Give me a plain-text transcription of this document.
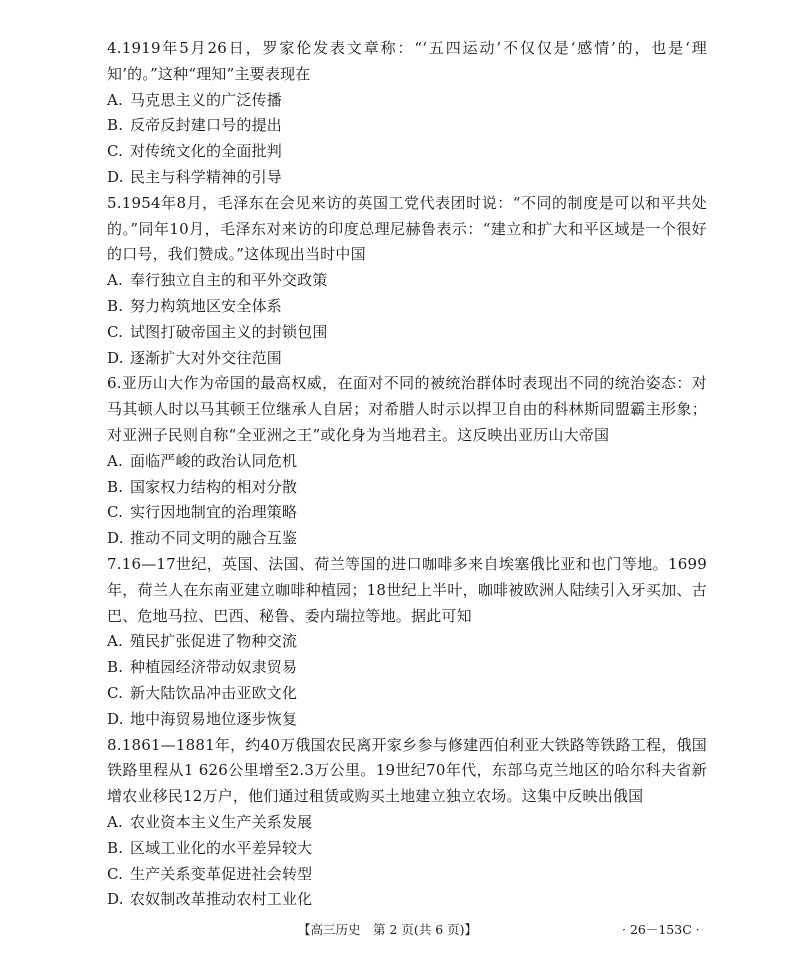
4.1919年5月26日，罗家伦发表文章称：“‘五四运动’不仅仅是‘感情’的，也是‘理知’的。”这种“理知”主要表现在

A. 马克思主义的广泛传播

B. 反帝反封建口号的提出

C. 对传统文化的全面批判

D. 民主与科学精神的引导

5.1954年8月，毛泽东在会见来访的英国工党代表团时说：“不同的制度是可以和平共处的。”同年10月，毛泽东对来访的印度总理尼赫鲁表示：“建立和扩大和平区域是一个很好的口号，我们赞成。”这体现出当时中国

A. 奉行独立自主的和平外交政策

B. 努力构筑地区安全体系

C. 试图打破帝国主义的封锁包围

D. 逐渐扩大对外交往范围

6.亚历山大作为帝国的最高权威，在面对不同的被统治群体时表现出不同的统治姿态：对马其顿人时以马其顿王位继承人自居；对希腊人时示以捍卫自由的科林斯同盟霸主形象；对亚洲子民则自称“全亚洲之王”或化身为当地君主。这反映出亚历山大帝国

A. 面临严峻的政治认同危机

B. 国家权力结构的相对分散

C. 实行因地制宜的治理策略

D. 推动不同文明的融合互鉴

7.16—17世纪，英国、法国、荷兰等国的进口咖啡多来自埃塞俄比亚和也门等地。1699年，荷兰人在东南亚建立咖啡种植园；18世纪上半叶，咖啡被欧洲人陆续引入牙买加、古巴、危地马拉、巴西、秘鲁、委内瑞拉等地。据此可知

A. 殖民扩张促进了物种交流

B. 种植园经济带动奴隶贸易

C. 新大陆饮品冲击亚欧文化

D. 地中海贸易地位逐步恢复

8.1861—1881年，约40万俄国农民离开家乡参与修建西伯利亚大铁路等铁路工程，俄国铁路里程从1 626公里增至2.3万公里。19世纪70年代，东部乌克兰地区的哈尔科夫省新增农业移民12万户，他们通过租赁或购买土地建立独立农场。这集中反映出俄国

A. 农业资本主义生产关系发展

B. 区域工业化的水平差异较大

C. 生产关系变革促进社会转型

D. 农奴制改革推动农村工业化

【高三历史　第 2 页(共 6 页)】	· 26－153C ·
